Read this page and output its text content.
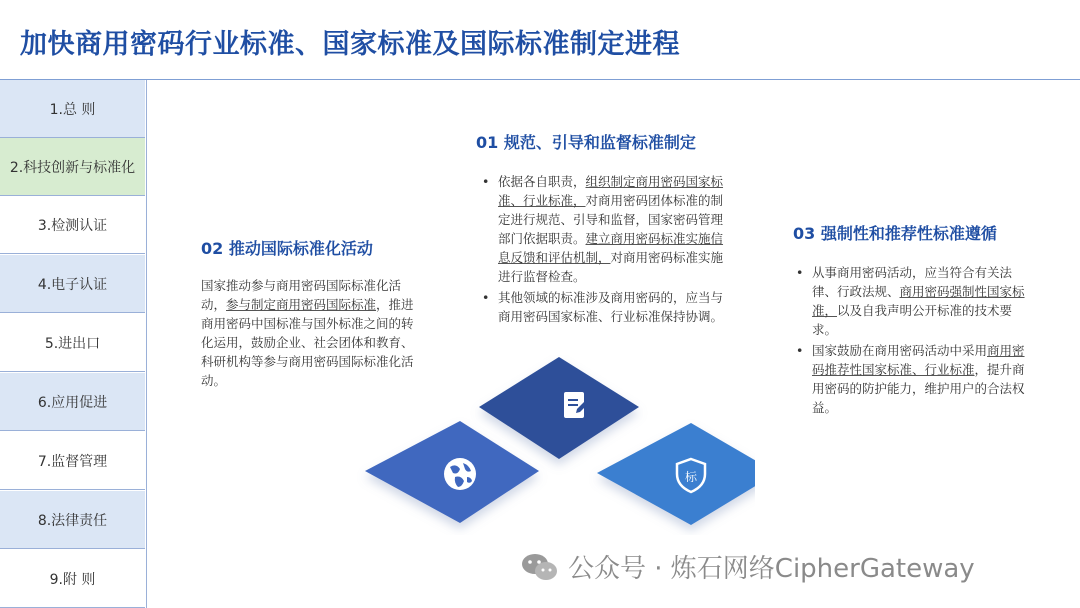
加快商用密码行业标准、国家标准及国际标准制定进程
1.总 则
2.科技创新与标准化
3.检测认证
4.电子认证
5.进出口
6.应用促进
7.监督管理
8.法律责任
9.附 则
01 规范、引导和监督标准制定
• 依据各自职责，组织制定商用密码国家标准、行业标准，对商用密码团体标准的制定进行规范、引导和监督，国家密码管理部门依据职责。建立商用密码标准实施信息反馈和评估机制，对商用密码标准实施进行监督检查。
• 其他领域的标准涉及商用密码的，应当与商用密码国家标准、行业标准保持协调。
02 推动国际标准化活动

国家推动参与商用密码国际标准化活动，参与制定商用密码国际标准，推进商用密码中国标准与国外标准之间的转化运用，鼓励企业、社会团体和教育、科研机构等参与商用密码国际标准化活动。

03 强制性和推荐性标准遵循
• 从事商用密码活动，应当符合有关法律、行政法规、商用密码强制性国家标准，以及自我声明公开标准的技术要求。
• 国家鼓励在商用密码活动中采用商用密码推荐性国家标准、行业标准，提升商用密码的防护能力，维护用户的合法权益。
标
公众号 · 炼石网络CipherGateway
